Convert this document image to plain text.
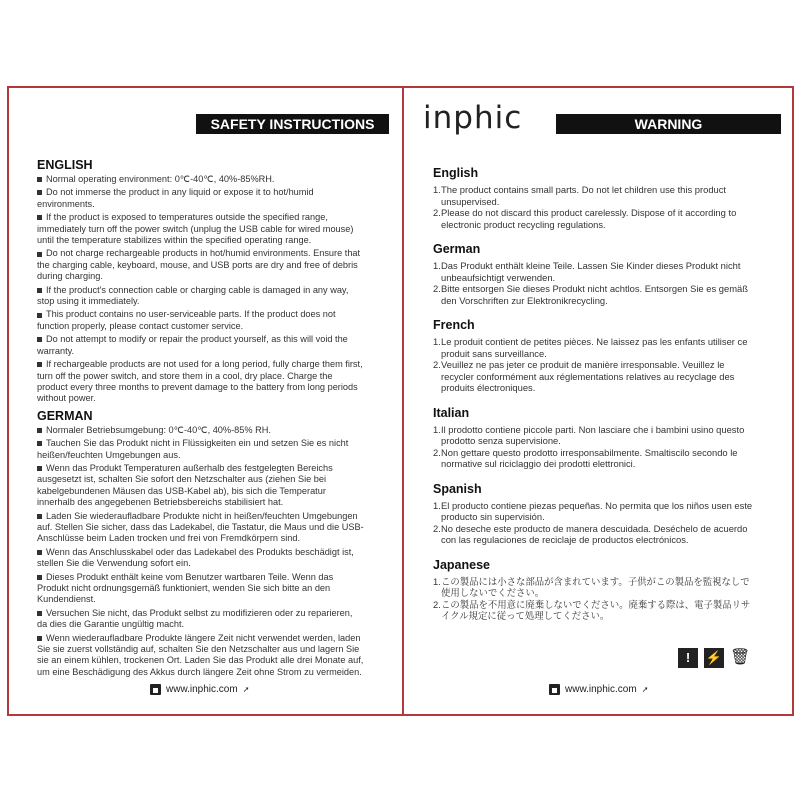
SAFETY INSTRUCTIONS
ENGLISH

Normal operating environment: 0℃-40℃, 40%-85%RH.

Do not immerse the product in any liquid or expose it to hot/humid environments.

If the product is exposed to temperatures outside the specified range, immediately turn off the power switch (unplug the USB cable for wired mouse) until the temperature stabilizes within the specified operating range.

Do not charge rechargeable products in hot/humid environments. Ensure that the charging cable, keyboard, mouse, and USB ports are dry and free of debris during charging.

If the product's connection cable or charging cable is damaged in any way, stop using it immediately.

This product contains no user-serviceable parts. If the product does not function properly, please contact customer service.

Do not attempt to modify or repair the product yourself, as this will void the warranty.

If rechargeable products are not used for a long period, fully charge them first, turn off the power switch, and store them in a cool, dry place. Charge the product every three months to prevent damage to the battery from long periods without power.

GERMAN

Normaler Betriebsumgebung: 0℃-40℃, 40%-85% RH.

Tauchen Sie das Produkt nicht in Flüssigkeiten ein und setzen Sie es nicht heißen/feuchten Umgebungen aus.

Wenn das Produkt Temperaturen außerhalb des festgelegten Bereichs ausgesetzt ist, schalten Sie sofort den Netzschalter aus (ziehen Sie bei kabelgebundenen Mäusen das USB-Kabel ab), bis sich die Temperatur innerhalb des angegebenen Betriebsbereichs stabilisiert hat.

Laden Sie wiederaufladbare Produkte nicht in heißen/feuchten Umgebungen auf. Stellen Sie sicher, dass das Ladekabel, die Tastatur, die Maus und die USB-Anschlüsse beim Laden trocken und frei von Fremdkörpern sind.

Wenn das Anschlusskabel oder das Ladekabel des Produkts beschädigt ist, stellen Sie die Verwendung sofort ein.

Dieses Produkt enthält keine vom Benutzer wartbaren Teile. Wenn das Produkt nicht ordnungsgemäß funktioniert, wenden Sie sich bitte an den Kundendienst.

Versuchen Sie nicht, das Produkt selbst zu modifizieren oder zu reparieren, da dies die Garantie ungültig macht.

Wenn wiederaufladbare Produkte längere Zeit nicht verwendet werden, laden Sie sie zuerst vollständig auf, schalten Sie den Netzschalter aus und lagern Sie sie an einem kühlen, trockenen Ort. Laden Sie das Produkt alle drei Monate auf, um eine Beschädigung des Akkus durch längere Zeit ohne Strom zu vermeiden.

www.inphic.com ➚
inphic	WARNING
English
1. The product contains small parts. Do not let children use this product unsupervised.
2. Please do not discard this product carelessly. Dispose of it according to electronic product recycling regulations.
German
1. Das Produkt enthält kleine Teile. Lassen Sie Kinder dieses Produkt nicht unbeaufsichtigt verwenden.
2. Bitte entsorgen Sie dieses Produkt nicht achtlos. Entsorgen Sie es gemäß den Vorschriften zur Elektronikrecycling.
French
1. Le produit contient de petites pièces. Ne laissez pas les enfants utiliser ce produit sans surveillance.
2. Veuillez ne pas jeter ce produit de manière irresponsable. Veuillez le recycler conformément aux réglementations relatives au recyclage des produits électroniques.
Italian
1. Il prodotto contiene piccole parti. Non lasciare che i bambini usino questo prodotto senza supervisione.
2. Non gettare questo prodotto irresponsabilmente. Smaltiscilo secondo le normative sul riciclaggio dei prodotti elettronici.
Spanish
1. El producto contiene piezas pequeñas. No permita que los niños usen este producto sin supervisión.
2. No deseche este producto de manera descuidada. Deséchelo de acuerdo con las regulaciones de reciclaje de productos electrónicos.
Japanese
1. この製品には小さな部品が含まれています。子供がこの製品を監視なしで使用しないでください。
2. この製品を不用意に廃棄しないでください。廃棄する際は、電子製品リサイクル規定に従って処理してください。
!	⚡ 🗑
www.inphic.com ➚
